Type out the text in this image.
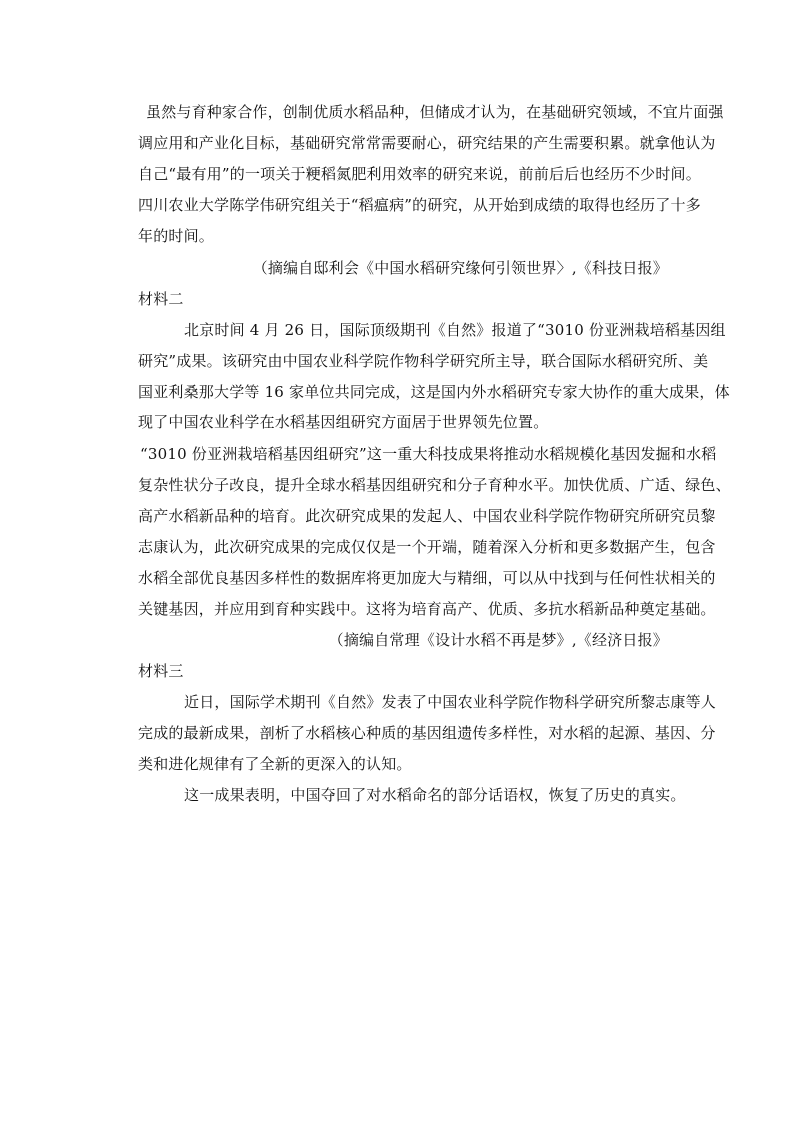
虽然与育种家合作，创制优质水稻品种，但储成才认为，在基础研究领域，不宜片面强
调应用和产业化目标，基础研究常常需要耐心，研究结果的产生需要积累。就拿他认为
自己“最有用”的一项关于粳稻氮肥利用效率的研究来说，前前后后也经历不少时间。
四川农业大学陈学伟研究组关于“稻瘟病”的研究，从开始到成绩的取得也经历了十多
年的时间。
（摘编自邸利会《中国水稻研究缘何引领世界〉,《科技日报》
材料二
北京时间 4 月 26 日，国际顶级期刊《自然》报道了“3010 份亚洲栽培稻基因组
研究”成果。该研究由中国农业科学院作物科学研究所主导，联合国际水稻研究所、美
国亚利桑那大学等 16 家单位共同完成，这是国内外水稻研究专家大协作的重大成果，体
现了中国农业科学在水稻基因组研究方面居于世界领先位置。
“3010 份亚洲栽培稻基因组研究”这一重大科技成果将推动水稻规模化基因发掘和水稻
复杂性状分子改良，提升全球水稻基因组研究和分子育种水平。加快优质、广适、绿色、
高产水稻新品种的培育。此次研究成果的发起人、中国农业科学院作物研究所研究员黎
志康认为，此次研究成果的完成仅仅是一个开端，随着深入分析和更多数据产生，包含
水稻全部优良基因多样性的数据库将更加庞大与精细，可以从中找到与任何性状相关的
关键基因，并应用到育种实践中。这将为培育高产、优质、多抗水稻新品种奠定基础。
（摘编自常理《设计水稻不再是梦》,《经济日报》
材料三
近日，国际学术期刊《自然》发表了中国农业科学院作物科学研究所黎志康等人
完成的最新成果，剖析了水稻核心种质的基因组遗传多样性，对水稻的起源、基因、分
类和进化规律有了全新的更深入的认知。
这一成果表明，中国夺回了对水稻命名的部分话语权，恢复了历史的真实。
